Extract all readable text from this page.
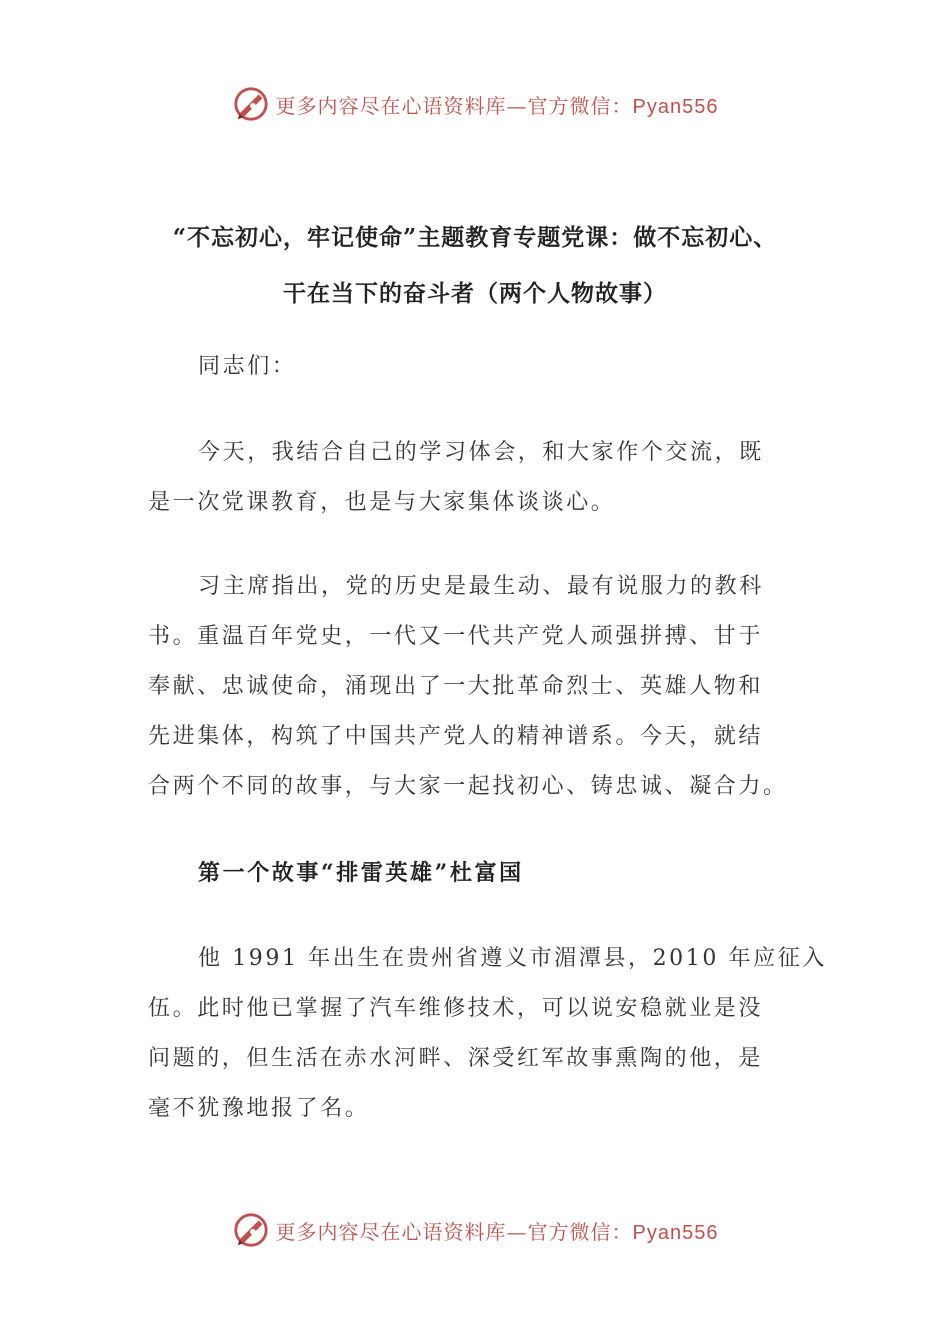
更多内容尽在心语资料库—官方微信：Pyan556
“不忘初心，牢记使命”主题教育专题党课：做不忘初心、
干在当下的奋斗者（两个人物故事）
同志们：
今天，我结合自己的学习体会，和大家作个交流，既
是一次党课教育，也是与大家集体谈谈心。
习主席指出，党的历史是最生动、最有说服力的教科
书。重温百年党史，一代又一代共产党人顽强拼搏、甘于
奉献、忠诚使命，涌现出了一大批革命烈士、英雄人物和
先进集体，构筑了中国共产党人的精神谱系。今天，就结
合两个不同的故事，与大家一起找初心、铸忠诚、凝合力。
第一个故事“排雷英雄”杜富国
他 1991 年出生在贵州省遵义市湄潭县，2010 年应征入
伍。此时他已掌握了汽车维修技术，可以说安稳就业是没
问题的，但生活在赤水河畔、深受红军故事熏陶的他，是
毫不犹豫地报了名。
更多内容尽在心语资料库—官方微信：Pyan556
